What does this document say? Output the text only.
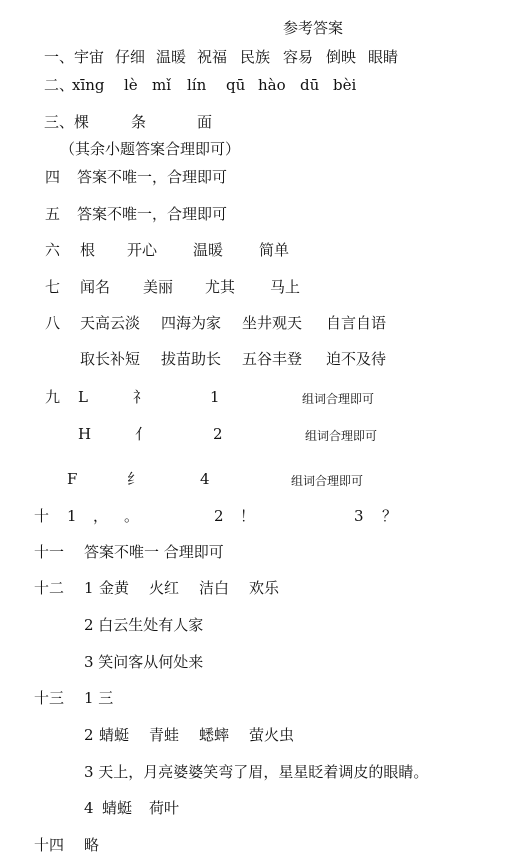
参考答案
一、 宇宙 仔细 温暖 祝福 民族 容易 倒映 眼睛
二、
xīng lè mǐ lín qū hào dū bèi
三、 棵	条	面
（其余小题答案合理即可）
四 答案不唯一，合理即可
五 答案不唯一，合理即可
六 根 开心 温暖 简单
七 闻名 美丽 尤其 马上
八 天高云淡 四海为家 坐井观天 自言自语
取长补短 拔苗助长 五谷丰登 迫不及待
九 L	礻	1	组词合理即可
H	亻	2	组词合理即可
F	纟	4	组词合理即可
十 1 ， 。	2 ！	3 ？
十一 答案不唯一 合理即可
十二 1 金黄 火红 洁白 欢乐
2 白云生处有人家
3 笑问客从何处来
十三 1 三
2 蜻蜓 青蛙 蟋蟀 萤火虫
3 天上，月亮婆婆笑弯了眉，星星眨着调皮的眼睛。
4 蜻蜓 荷叶
十四 略
